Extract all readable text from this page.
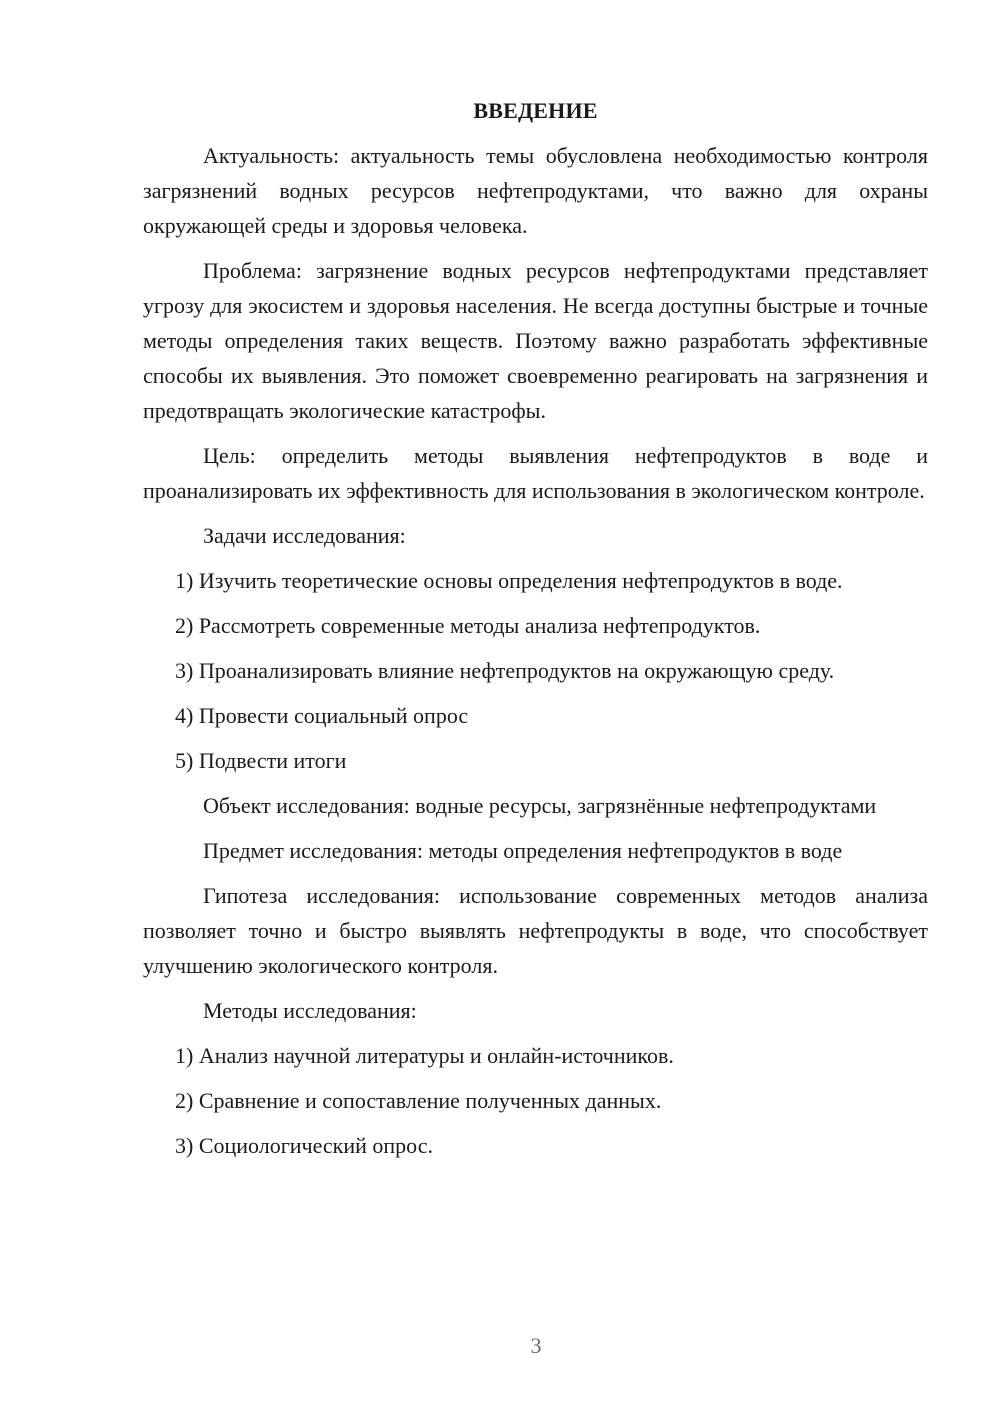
ВВЕДЕНИЕ

Актуальность: актуальность темы обусловлена необходимостью контроля загрязнений водных ресурсов нефтепродуктами, что важно для охраны окружающей среды и здоровья человека.

Проблема: загрязнение водных ресурсов нефтепродуктами представляет угрозу для экосистем и здоровья населения. Не всегда доступны быстрые и точные методы определения таких веществ. Поэтому важно разработать эффективные способы их выявления. Это поможет своевременно реагировать на загрязнения и предотвращать экологические катастрофы.

Цель: определить методы выявления нефтепродуктов в воде и проанализировать их эффективность для использования в экологическом контроле.

Задачи исследования:

1) Изучить теоретические основы определения нефтепродуктов в воде.
2) Рассмотреть современные методы анализа нефтепродуктов.
3) Проанализировать влияние нефтепродуктов на окружающую среду.
4) Провести социальный опрос
5) Подвести итоги

Объект исследования: водные ресурсы, загрязнённые нефтепродуктами

Предмет исследования: методы определения нефтепродуктов в воде

Гипотеза исследования: использование современных методов анализа позволяет точно и быстро выявлять нефтепродукты в воде, что способствует улучшению экологического контроля.

Методы исследования:

1) Анализ научной литературы и онлайн-источников.
2) Сравнение и сопоставление полученных данных.
3) Социологический опрос.
3
